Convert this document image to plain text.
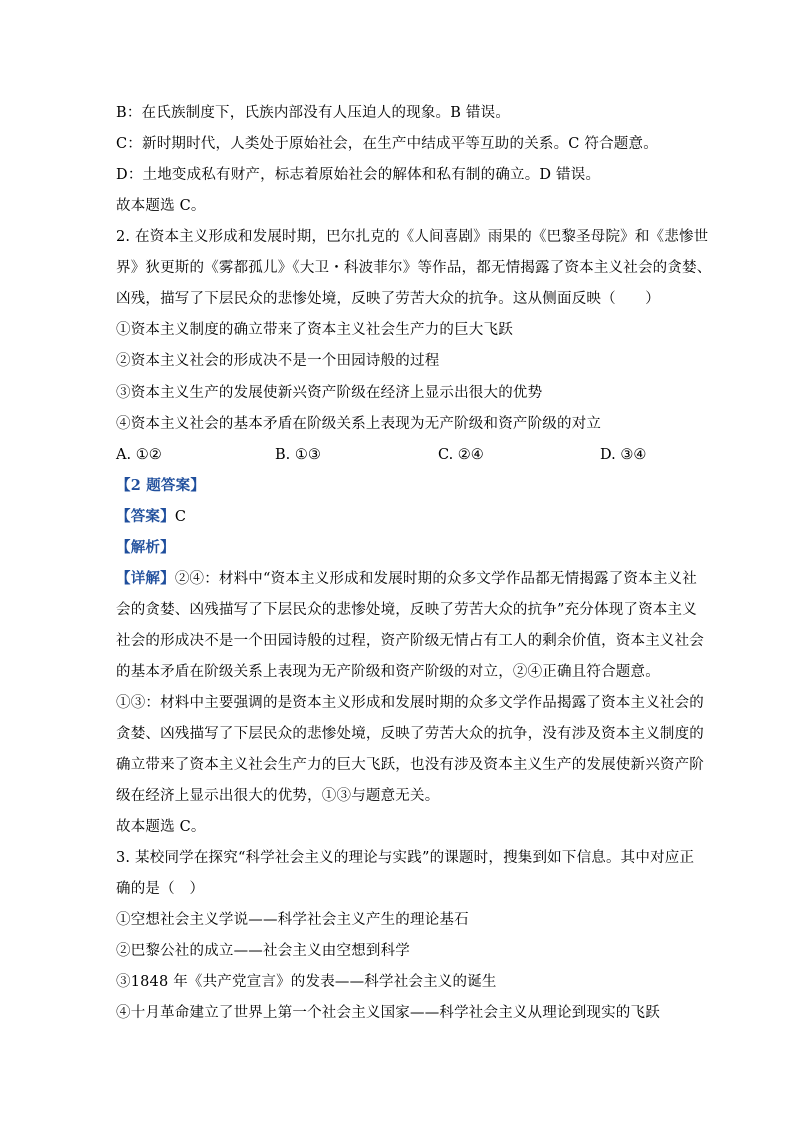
B：在氏族制度下，氏族内部没有人压迫人的现象。B 错误。
C：新时期时代，人类处于原始社会，在生产中结成平等互助的关系。C 符合题意。
D：土地变成私有财产，标志着原始社会的解体和私有制的确立。D 错误。
故本题选 C。
2. 在资本主义形成和发展时期，巴尔扎克的《人间喜剧》雨果的《巴黎圣母院》和《悲惨世
界》狄更斯的《雾都孤儿》《大卫・科波菲尔》等作品，都无情揭露了资本主义社会的贪婪、
凶残，描写了下层民众的悲惨处境，反映了劳苦大众的抗争。这从侧面反映（　　）
①资本主义制度的确立带来了资本主义社会生产力的巨大飞跃
②资本主义社会的形成决不是一个田园诗般的过程
③资本主义生产的发展使新兴资产阶级在经济上显示出很大的优势
④资本主义社会的基本矛盾在阶级关系上表现为无产阶级和资产阶级的对立
A. ①②	B. ①③	C. ②④	D. ③④
【2 题答案】
【答案】C
【解析】
【详解】②④：材料中“资本主义形成和发展时期的众多文学作品都无情揭露了资本主义社
会的贪婪、凶残描写了下层民众的悲惨处境，反映了劳苦大众的抗争”充分体现了资本主义
社会的形成决不是一个田园诗般的过程，资产阶级无情占有工人的剩余价值，资本主义社会
的基本矛盾在阶级关系上表现为无产阶级和资产阶级的对立，②④正确且符合题意。
①③：材料中主要强调的是资本主义形成和发展时期的众多文学作品揭露了资本主义社会的
贪婪、凶残描写了下层民众的悲惨处境，反映了劳苦大众的抗争，没有涉及资本主义制度的
确立带来了资本主义社会生产力的巨大飞跃，也没有涉及资本主义生产的发展使新兴资产阶
级在经济上显示出很大的优势，①③与题意无关。
故本题选 C。
3. 某校同学在探究“科学社会主义的理论与实践”的课题时，搜集到如下信息。其中对应正
确的是（　）
①空想社会主义学说——科学社会主义产生的理论基石
②巴黎公社的成立——社会主义由空想到科学
③1848 年《共产党宣言》的发表——科学社会主义的诞生
④十月革命建立了世界上第一个社会主义国家——科学社会主义从理论到现实的飞跃
